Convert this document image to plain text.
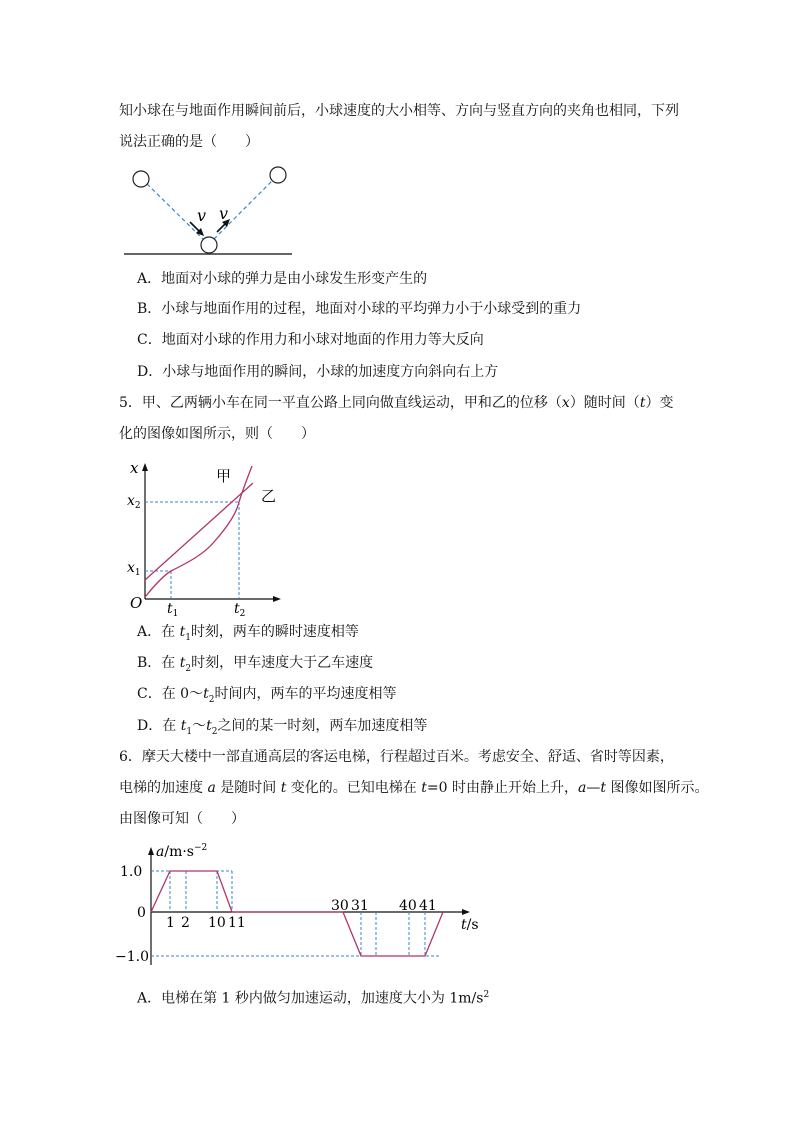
知小球在与地面作用瞬间前后，小球速度的大小相等、方向与竖直方向的夹角也相同，下列
说法正确的是（　　）
v v
A．地面对小球的弹力是由小球发生形变产生的
B．小球与地面作用的过程，地面对小球的平均弹力小于小球受到的重力
C．地面对小球的作用力和小球对地面的作用力等大反向
D．小球与地面作用的瞬间，小球的加速度方向斜向右上方
5．甲、乙两辆小车在同一平直公路上同向做直线运动，甲和乙的位移（x）随时间（t）变
化的图像如图所示，则（　　）
x
O
$x_1$
$x_2$
$t_1$	$t_2$
甲
乙
A．在 $t_1$时刻，两车的瞬时速度相等
B．在 $t_2$时刻，甲车速度大于乙车速度
C．在 $0\sim t_2$时间内，两车的平均速度相等
D．在 $t_1\sim t_2$之间的某一时刻，两车加速度相等
6．摩天大楼中一部直通高层的客运电梯，行程超过百米。考虑安全、舒适、省时等因素，
电梯的加速度 a 是随时间 t 变化的。已知电梯在 t=0 时由静止开始上升，a—t 图像如图所示。
由图像可知（　　）
$a/m\cdot s^{-2}$
1.0
0
−1.0
1 2 10 11
30 31 40 41
t/s
A．电梯在第 1 秒内做匀加速运动，加速度大小为 $1m/s^2$
